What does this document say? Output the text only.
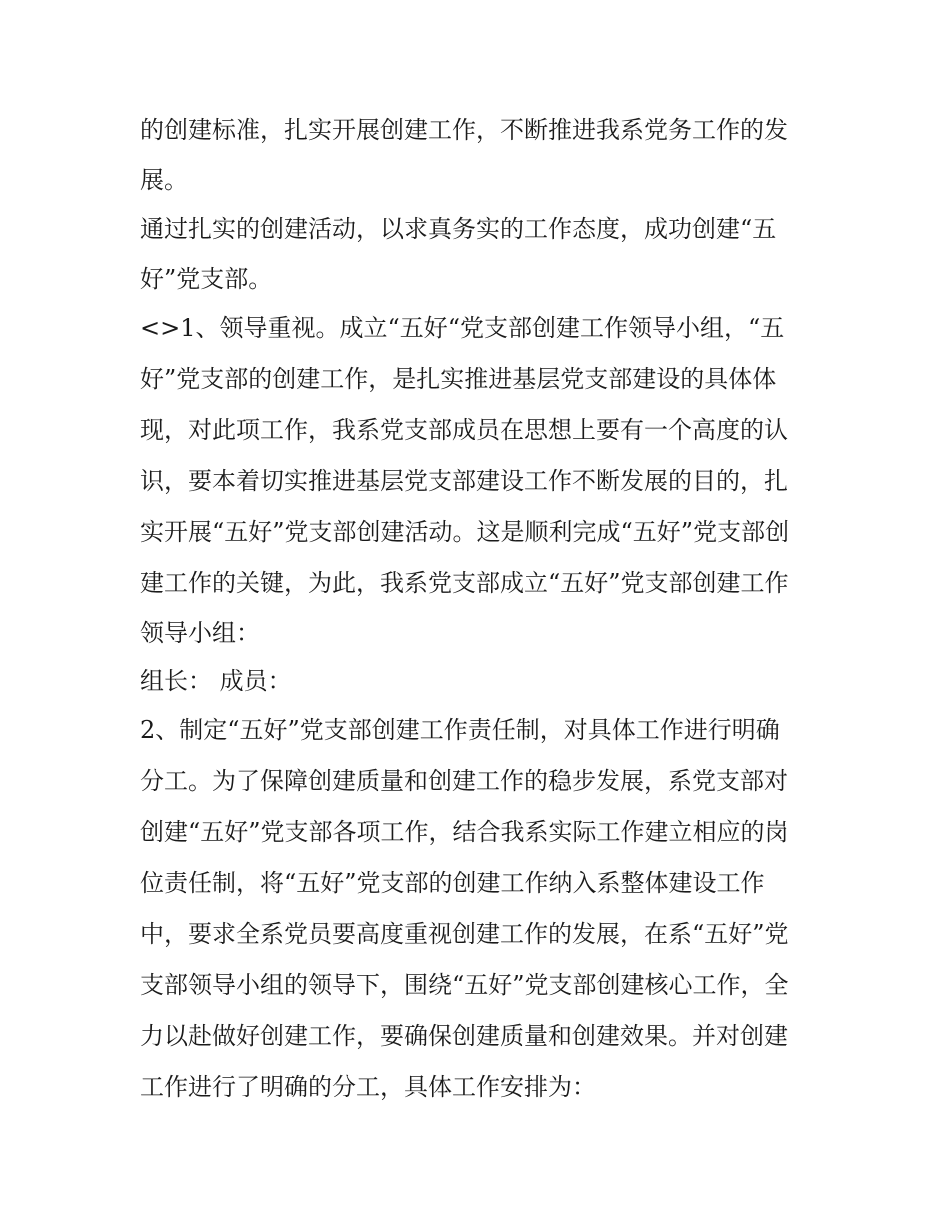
的创建标准，扎实开展创建工作，不断推进我系党务工作的发
展。
通过扎实的创建活动，以求真务实的工作态度，成功创建“五
好”党支部。
<>1、领导重视。成立“五好“党支部创建工作领导小组，“五
好”党支部的创建工作，是扎实推进基层党支部建设的具体体
现，对此项工作，我系党支部成员在思想上要有一个高度的认
识，要本着切实推进基层党支部建设工作不断发展的目的，扎
实开展“五好”党支部创建活动。这是顺利完成“五好”党支部创
建工作的关键，为此，我系党支部成立“五好”党支部创建工作
领导小组：
组长： 成员：
2、制定“五好”党支部创建工作责任制，对具体工作进行明确
分工。为了保障创建质量和创建工作的稳步发展，系党支部对
创建“五好”党支部各项工作，结合我系实际工作建立相应的岗
位责任制，将“五好”党支部的创建工作纳入系整体建设工作
中，要求全系党员要高度重视创建工作的发展，在系“五好”党
支部领导小组的领导下，围绕“五好”党支部创建核心工作，全
力以赴做好创建工作，要确保创建质量和创建效果。并对创建
工作进行了明确的分工，具体工作安排为：
